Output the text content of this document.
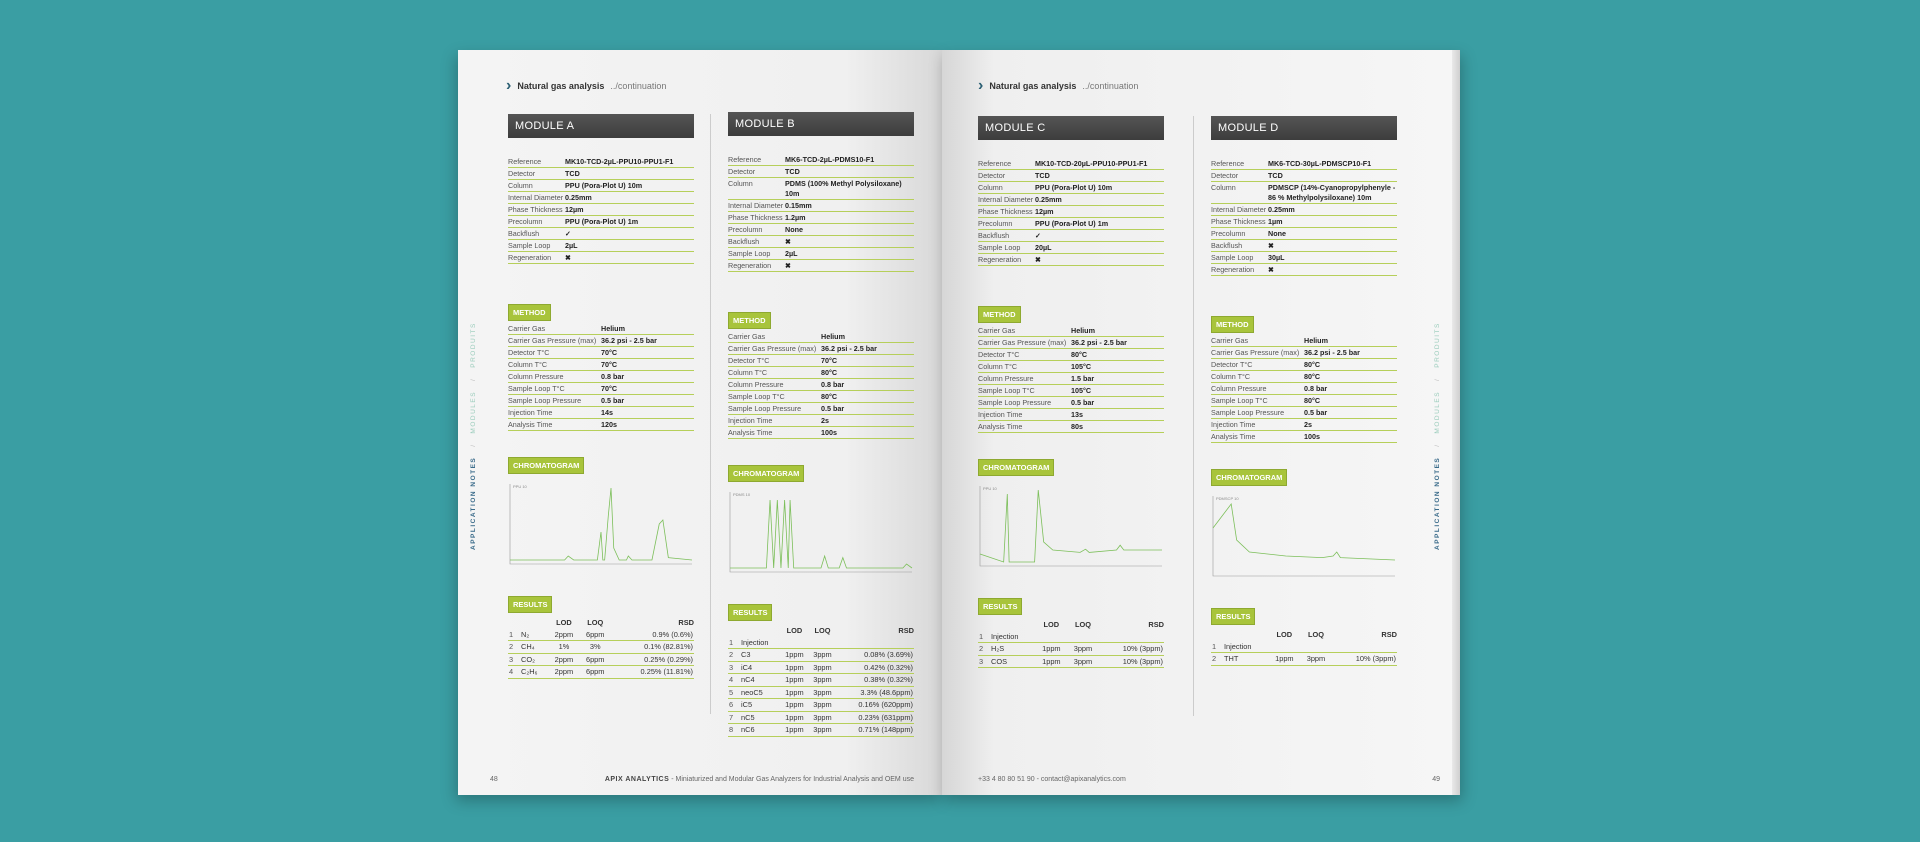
› Natural gas analysis ../continuation
APPLICATION NOTES   /   MODULES   /   PRODUITS
MODULE A
Reference	MK10-TCD-2µL-PPU10-PPU1-F1
Detector	TCD
Column	PPU (Pora-Plot U) 10m
Internal Diameter 0.25mm
Phase Thickness 12µm
Precolumn	PPU (Pora-Plot U) 1m
Backflush	✓
Sample Loop	2µL
Regeneration	✖
METHOD
Carrier Gas	Helium
Carrier Gas Pressure (max) 36.2 psi - 2.5 bar
Detector T°C	70°C
Column T°C	70°C
Column Pressure	0.8 bar
Sample Loop T°C	70°C
Sample Loop Pressure	0.5 bar
Injection Time	14s
Analysis Time	120s
CHROMATOGRAM
PPU 10
RESULTS
		LOD	LOQ	RSD
1	N₂	2ppm	6ppm	0.9% (0.6%)
2	CH₄	1%	3%	0.1% (82.81%)
3	CO₂	2ppm	6ppm	0.25% (0.29%)
4	C₂H₆	2ppm	6ppm	0.25% (11.81%)
MODULE B
Reference	MK6-TCD-2µL-PDMS10-F1
Detector	TCD
Column	PDMS (100% Methyl Polysiloxane) 10m
Internal Diameter 0.15mm
Phase Thickness 1.2µm
Precolumn	None
Backflush	✖
Sample Loop	2µL
Regeneration	✖
METHOD
Carrier Gas	Helium
Carrier Gas Pressure (max) 36.2 psi - 2.5 bar
Detector T°C	70°C
Column T°C	80°C
Column Pressure	0.8 bar
Sample Loop T°C	80°C
Sample Loop Pressure	0.5 bar
Injection Time	2s
Analysis Time	100s
CHROMATOGRAM
PDMS 10
RESULTS
		LOD	LOQ	RSD
1	Injection			
2	C3	1ppm	3ppm	0.08% (3.69%)
3	iC4	1ppm	3ppm	0.42% (0.32%)
4	nC4	1ppm	3ppm	0.38% (0.32%)
5	neoC5	1ppm	3ppm	3.3% (48.6ppm)
6	iC5	1ppm	3ppm	0.16% (620ppm)
7	nC5	1ppm	3ppm	0.23% (631ppm)
8	nC6	1ppm	3ppm	0.71% (148ppm)
48	APIX ANALYTICS - Miniaturized and Modular Gas Analyzers for Industrial Analysis and OEM use
› Natural gas analysis ../continuation
APPLICATION NOTES   /   MODULES   /   PRODUITS
MODULE C
Reference	MK10-TCD-20µL-PPU10-PPU1-F1
Detector	TCD
Column	PPU (Pora-Plot U) 10m
Internal Diameter 0.25mm
Phase Thickness 12µm
Precolumn	PPU (Pora-Plot U) 1m
Backflush	✓
Sample Loop	20µL
Regeneration	✖
METHOD
Carrier Gas	Helium
Carrier Gas Pressure (max) 36.2 psi - 2.5 bar
Detector T°C	80°C
Column T°C	105°C
Column Pressure	1.5 bar
Sample Loop T°C	105°C
Sample Loop Pressure	0.5 bar
Injection Time	13s
Analysis Time	80s
CHROMATOGRAM
PPU 10
RESULTS
		LOD	LOQ	RSD
1	Injection			
2	H₂S	1ppm	3ppm	10% (3ppm)
3	COS	1ppm	3ppm	10% (3ppm)
MODULE D
Reference	MK6-TCD-30µL-PDMSCP10-F1
Detector	TCD
Column	PDMSCP (14%-Cyanopropylphenyle - 86 % Methylpolysiloxane) 10m
Internal Diameter 0.25mm
Phase Thickness 1µm
Precolumn	None
Backflush	✖
Sample Loop	30µL
Regeneration	✖
METHOD
Carrier Gas	Helium
Carrier Gas Pressure (max) 36.2 psi - 2.5 bar
Detector T°C	80°C
Column T°C	80°C
Column Pressure	0.8 bar
Sample Loop T°C	80°C
Sample Loop Pressure	0.5 bar
Injection Time	2s
Analysis Time	100s
CHROMATOGRAM
PDMSCP 10
RESULTS
		LOD	LOQ	RSD
1	Injection			
2	THT	1ppm	3ppm	10% (3ppm)
+33 4 80 80 51 90 - contact@apixanalytics.com	49
